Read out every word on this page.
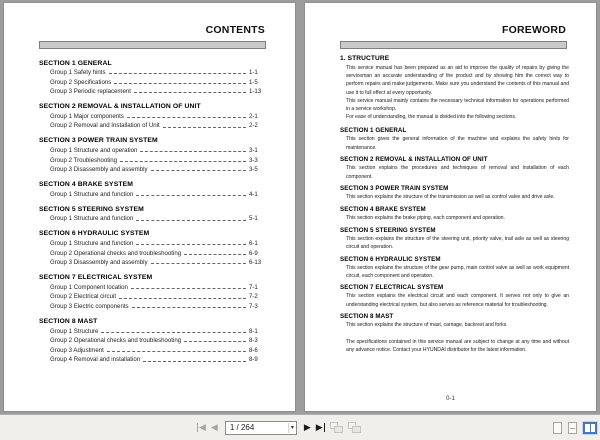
CONTENTS
SECTION 1 GENERAL
Group 1 Safety hints	1-1
Group 2 Specifications	1-5
Group 3 Periodic replacement	1-13
SECTION 2 REMOVAL & INSTALLATION OF UNIT
Group 1 Major components	2-1
Group 2 Removal and Installation of Unit	2-2
SECTION 3 POWER TRAIN SYSTEM
Group 1 Structure and operation	3-1
Group 2 Troubleshooting	3-3
Group 3 Disassembly and assembly	3-5
SECTION 4 BRAKE SYSTEM
Group 1 Structure and function	4-1
SECTION 5 STEERING SYSTEM
Group 1 Structure and function	5-1
SECTION 6 HYDRAULIC SYSTEM
Group 1 Structure and function	6-1
Group 2 Operational checks and troubleshooting	6-9
Group 3 Disassembly and assembly	6-13
SECTION 7 ELECTRICAL SYSTEM
Group 1 Component location	7-1
Group 2 Electrical circuit	7-2
Group 3 Electric components	7-3
SECTION 8 MAST
Group 1 Structure	8-1
Group 2 Operational checks and troubleshooting	8-3
Group 3 Adjustment	8-6
Group 4 Removal and installation	8-9
FOREWORD
1. STRUCTURE
This service manual has been prepared as an aid to improve the quality of repairs by giving the serviceman an accurate understanding of the product and by showing him the correct way to perform repairs and make judgements. Make sure you understand the contents of this manual and use it to full effect at every opportunity.
This service manual mainly contains the necessary technical information for operations performed in a service workshop.
For ease of understanding, the manual is divided into the following sections.
SECTION 1 GENERAL
This section gives the general information of the machine and explains the safety hints for maintenance.
SECTION 2 REMOVAL & INSTALLATION OF UNIT
This section explains the procedures and techniques of removal and installation of each component.
SECTION 3 POWER TRAIN SYSTEM
This section explains the structure of the transmission as well as control valve and drive axle.
SECTION 4 BRAKE SYSTEM
This section explains the brake piping, each component and operation.
SECTION 5 STEERING SYSTEM
This section explains the structure of the steering unit, priority valve, trail axle as well as steering circuit and operation.
SECTION 6 HYDRAULIC SYSTEM
This section explains the structure of the gear pump, main control valve as well as work equipment circuit, each component and operation.
SECTION 7 ELECTRICAL SYSTEM
This section explains the electrical circuit and each component. It serves not only to give an understanding electrical system, but also serves as reference material for troubleshooting.
SECTION 8 MAST
This section explains the structure of mast, carriage, backrest and forks.
The specifications contained in this service manual are subject to change at any time and without any advance notice. Contact your HYUNDAI distributor for the latest information.
0-1
◀ ◀ 1 / 264	▾ ▶ ▶
